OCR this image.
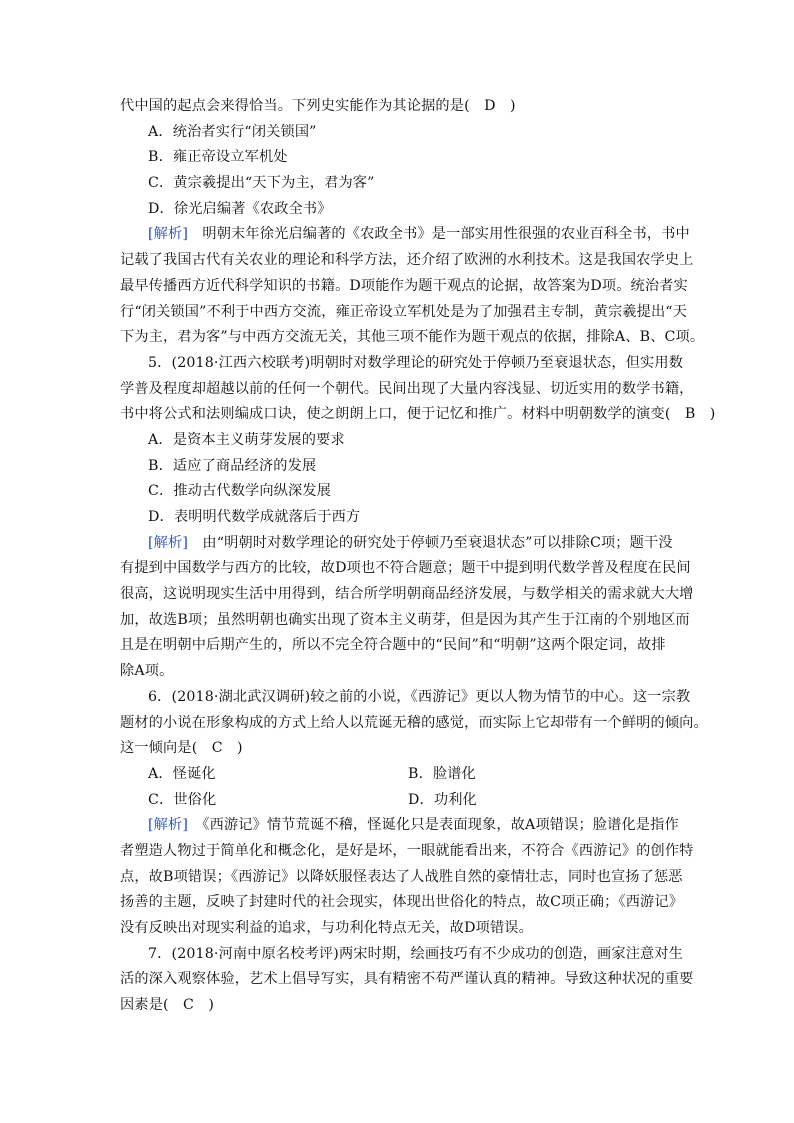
代中国的起点会来得恰当。下列史实能作为其论据的是(　D　)
A．统治者实行“闭关锁国”
B．雍正帝设立军机处
C．黄宗羲提出“天下为主，君为客”
D．徐光启编著《农政全书》
[解析]　明朝末年徐光启编著的《农政全书》是一部实用性很强的农业百科全书，书中
记载了我国古代有关农业的理论和科学方法，还介绍了欧洲的水利技术。这是我国农学史上
最早传播西方近代科学知识的书籍。D项能作为题干观点的论据，故答案为D项。统治者实
行“闭关锁国”不利于中西方交流，雍正帝设立军机处是为了加强君主专制，黄宗羲提出“天
下为主，君为客”与中西方交流无关，其他三项不能作为题干观点的依据，排除A、B、C项。
5．(2018·江西六校联考)明朝时对数学理论的研究处于停顿乃至衰退状态，但实用数
学普及程度却超越以前的任何一个朝代。民间出现了大量内容浅显、切近实用的数学书籍，
书中将公式和法则编成口诀，使之朗朗上口，便于记忆和推广。材料中明朝数学的演变(　B　)
A．是资本主义萌芽发展的要求
B．适应了商品经济的发展
C．推动古代数学向纵深发展
D．表明明代数学成就落后于西方
[解析]　由“明朝时对数学理论的研究处于停顿乃至衰退状态”可以排除C项；题干没
有提到中国数学与西方的比较，故D项也不符合题意；题干中提到明代数学普及程度在民间
很高，这说明现实生活中用得到，结合所学明朝商品经济发展，与数学相关的需求就大大增
加，故选B项；虽然明朝也确实出现了资本主义萌芽，但是因为其产生于江南的个别地区而
且是在明朝中后期产生的，所以不完全符合题中的“民间”和“明朝”这两个限定词，故排
除A项。
6．(2018·湖北武汉调研)较之前的小说，《西游记》更以人物为情节的中心。这一宗教
题材的小说在形象构成的方式上给人以荒诞无稽的感觉，而实际上它却带有一个鲜明的倾向。
这一倾向是(　C　)
A．怪诞化	B．脸谱化
C．世俗化	D．功利化
[解析]　《西游记》情节荒诞不稽，怪诞化只是表面现象，故A项错误；脸谱化是指作
者塑造人物过于简单化和概念化，是好是坏，一眼就能看出来，不符合《西游记》的创作特
点，故B项错误；《西游记》以降妖服怪表达了人战胜自然的豪情壮志，同时也宣扬了惩恶
扬善的主题，反映了封建时代的社会现实，体现出世俗化的特点，故C项正确；《西游记》
没有反映出对现实利益的追求，与功利化特点无关，故D项错误。
7．(2018·河南中原名校考评)两宋时期，绘画技巧有不少成功的创造，画家注意对生
活的深入观察体验，艺术上倡导写实，具有精密不苟严谨认真的精神。导致这种状况的重要
因素是(　C　)
